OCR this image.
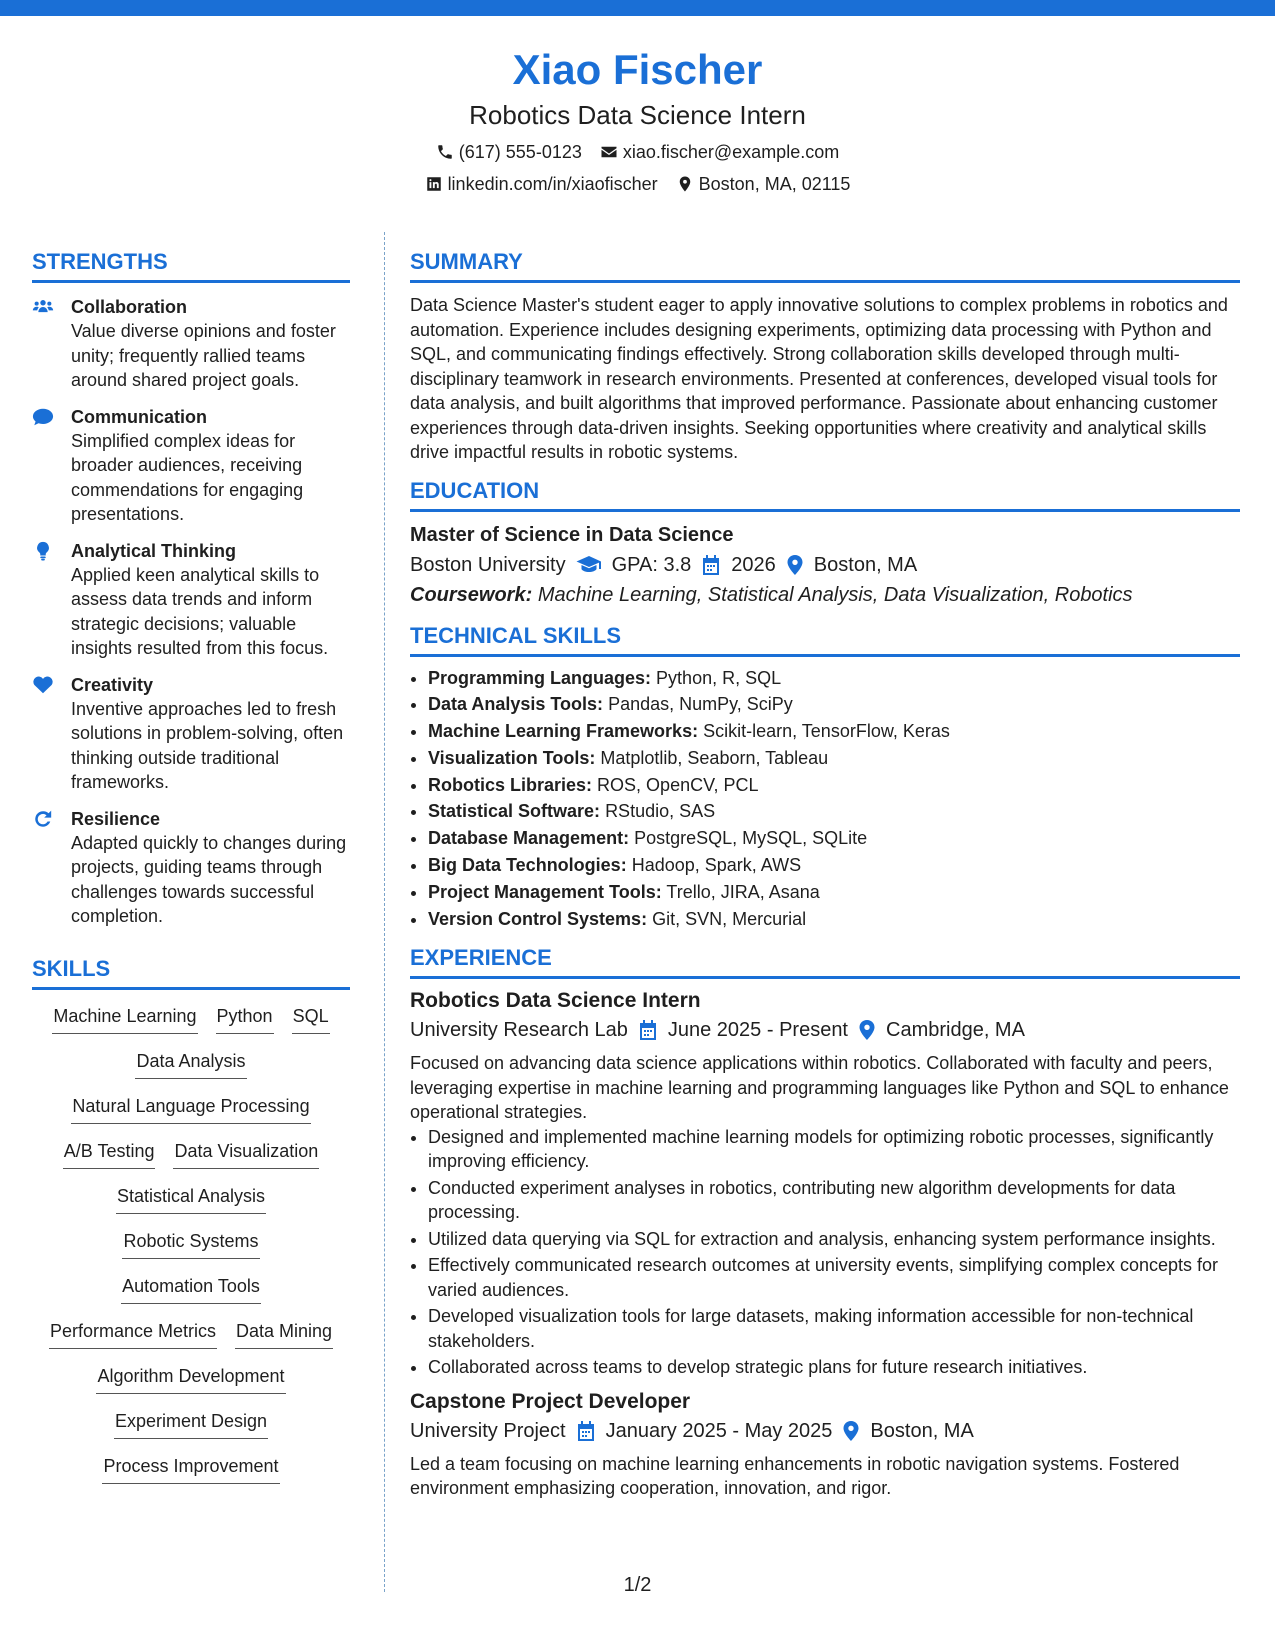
Xiao Fischer
Robotics Data Science Intern
(617) 555-0123 xiao.fischer@example.com
linkedin.com/in/xiaofischer Boston, MA, 02115
STRENGTHS
Collaboration
Value diverse opinions and foster unity; frequently rallied teams around shared project goals.
Communication
Simplified complex ideas for broader audiences, receiving commendations for engaging presentations.
Analytical Thinking
Applied keen analytical skills to assess data trends and inform strategic decisions; valuable insights resulted from this focus.
Creativity
Inventive approaches led to fresh solutions in problem-solving, often thinking outside traditional frameworks.
Resilience
Adapted quickly to changes during projects, guiding teams through challenges towards successful completion.
SKILLS
Machine Learning Python SQL
Data Analysis
Natural Language Processing
A/B Testing Data Visualization
Statistical Analysis
Robotic Systems
Automation Tools
Performance Metrics Data Mining
Algorithm Development
Experiment Design
Process Improvement
SUMMARY
Data Science Master's student eager to apply innovative solutions to complex problems in robotics and automation. Experience includes designing experiments, optimizing data processing with Python and SQL, and communicating findings effectively. Strong collaboration skills developed through multi-disciplinary teamwork in research environments. Presented at conferences, developed visual tools for data analysis, and built algorithms that improved performance. Passionate about enhancing customer experiences through data-driven insights. Seeking opportunities where creativity and analytical skills drive impactful results in robotic systems.
EDUCATION
Master of Science in Data Science
Boston University GPA: 3.8 2026 Boston, MA
Coursework: Machine Learning, Statistical Analysis, Data Visualization, Robotics
TECHNICAL SKILLS
• Programming Languages: Python, R, SQL
• Data Analysis Tools: Pandas, NumPy, SciPy
• Machine Learning Frameworks: Scikit-learn, TensorFlow, Keras
• Visualization Tools: Matplotlib, Seaborn, Tableau
• Robotics Libraries: ROS, OpenCV, PCL
• Statistical Software: RStudio, SAS
• Database Management: PostgreSQL, MySQL, SQLite
• Big Data Technologies: Hadoop, Spark, AWS
• Project Management Tools: Trello, JIRA, Asana
• Version Control Systems: Git, SVN, Mercurial
EXPERIENCE
Robotics Data Science Intern
University Research Lab June 2025 - Present Cambridge, MA
Focused on advancing data science applications within robotics. Collaborated with faculty and peers, leveraging expertise in machine learning and programming languages like Python and SQL to enhance operational strategies.
• Designed and implemented machine learning models for optimizing robotic processes, significantly improving efficiency.
• Conducted experiment analyses in robotics, contributing new algorithm developments for data processing.
• Utilized data querying via SQL for extraction and analysis, enhancing system performance insights.
• Effectively communicated research outcomes at university events, simplifying complex concepts for varied audiences.
• Developed visualization tools for large datasets, making information accessible for non-technical stakeholders.
• Collaborated across teams to develop strategic plans for future research initiatives.
Capstone Project Developer
University Project January 2025 - May 2025 Boston, MA
Led a team focusing on machine learning enhancements in robotic navigation systems. Fostered environment emphasizing cooperation, innovation, and rigor.
1/2
